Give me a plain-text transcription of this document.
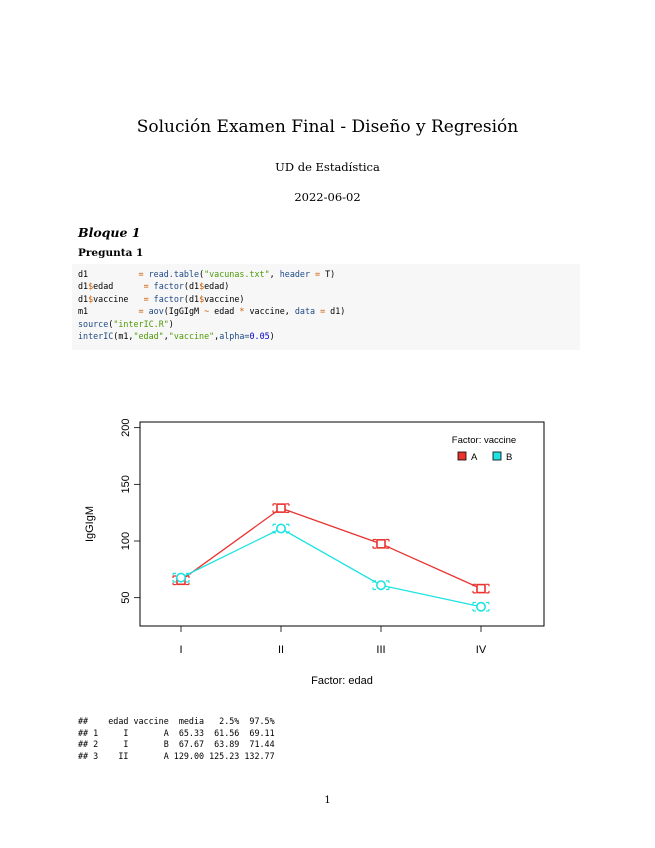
Solución Examen Final - Diseño y Regresión
UD de Estadística
2022-06-02
Bloque 1
Pregunta 1
d1          = read.table("vacunas.txt", header = T)
d1$edad      = factor(d1$edad)
d1$vaccine   = factor(d1$vaccine)
m1          = aov(IgGIgM ~ edad * vaccine, data = d1)
source("interIC.R")
interIC(m1,"edad","vaccine",alpha=0.05)
50
100
150
200
I	II	III	IV
Factor: edad
IgGIgM
Factor: vaccine
A	B
##    edad vaccine  media   2.5%  97.5%
## 1     I       A  65.33  61.56  69.11
## 2     I       B  67.67  63.89  71.44
## 3    II       A 129.00 125.23 132.77
1
